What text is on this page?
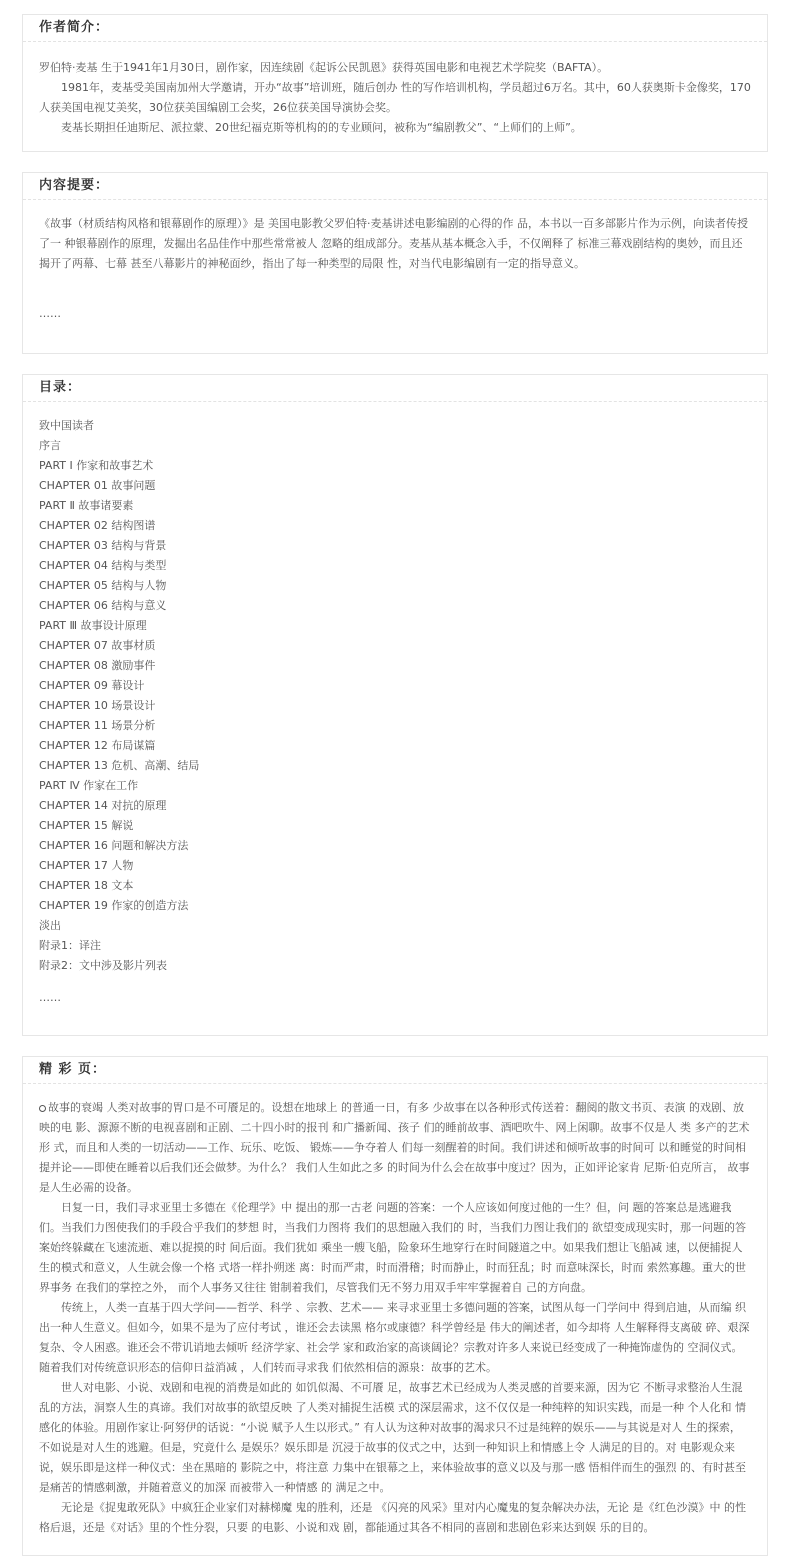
作者简介：

罗伯特·麦基 生于1941年1月30日，剧作家，因连续剧《起诉公民凯恩》获得英国电影和电视艺术学院奖（BAFTA）。

1981年，麦基受美国南加州大学邀请，开办“故事”培训班，随后创办 性的写作培训机构，学员超过6万名。其中，60人获奥斯卡金像奖，170人获美国电视艾美奖，30位获美国编剧工会奖，26位获美国导演协会奖。

麦基长期担任迪斯尼、派拉蒙、20世纪福克斯等机构的的专业顾问，被称为“编剧教父”、“上师们的上师”。

内容提要：

《故事（材质结构风格和银幕剧作的原理）》是 美国电影教父罗伯特·麦基讲述电影编剧的心得的作 品，本书以一百多部影片作为示例，向读者传授了一 种银幕剧作的原理，发掘出名品佳作中那些常常被人 忽略的组成部分。麦基从基本概念入手，不仅阐释了 标准三幕戏剧结构的奥妙，而且还揭开了两幕、七幕 甚至八幕影片的神秘面纱，指出了每一种类型的局限 性，对当代电影编剧有一定的指导意义。

……
目录：
致中国读者
序言
PART Ⅰ 作家和故事艺术
CHAPTER 01 故事问题
PART Ⅱ 故事诸要素
CHAPTER 02 结构图谱
CHAPTER 03 结构与背景
CHAPTER 04 结构与类型
CHAPTER 05 结构与人物
CHAPTER 06 结构与意义
PART Ⅲ 故事设计原理
CHAPTER 07 故事材质
CHAPTER 08 激励事件
CHAPTER 09 幕设计
CHAPTER 10 场景设计
CHAPTER 11 场景分析
CHAPTER 12 布局谋篇
CHAPTER 13 危机、高潮、结局
PART Ⅳ 作家在工作
CHAPTER 14 对抗的原理
CHAPTER 15 解说
CHAPTER 16 问题和解决方法
CHAPTER 17 人物
CHAPTER 18 文本
CHAPTER 19 作家的创造方法
淡出
附录1：译注
附录2：文中涉及影片列表
……
精 彩 页：

故事的衰竭 人类对故事的胃口是不可餍足的。设想在地球上 的普通一日，有多 少故事在以各种形式传送着：翻阅的散文书页、表演 的戏剧、放映的电 影、源源不断的电视喜剧和正剧、二十四小时的报刊 和广播新闻、孩子 们的睡前故事、酒吧吹牛、网上闲聊。故事不仅是人 类 多产的艺术形 式，而且和人类的一切活动——工作、玩乐、吃饭、 锻炼——争夺着人 们每一刻醒着的时间。我们讲述和倾听故事的时间可 以和睡觉的时间相 提并论——即使在睡着以后我们还会做梦。为什么？ 我们人生如此之多 的时间为什么会在故事中度过？因为，正如评论家肯 尼斯·伯克所言， 故事是人生必需的设备。

日复一日，我们寻求亚里士多德在《伦理学》中 提出的那一古老 问题的答案：一个人应该如何度过他的一生？但，问 题的答案总是逃避我们。当我们力图使我们的手段合乎我们的梦想 时，当我们力图将 我们的思想融入我们的 时，当我们力图让我们的 欲望变成现实时，那一问题的答案始终躲藏在飞速流逝、难以捉摸的时 间后面。我们犹如 乘坐一艘飞船，险象环生地穿行在时间隧道之中。如果我们想让飞船减 速，以便捕捉人生的模式和意义，人生就会像一个格 式塔一样扑朔迷 离：时而严肃，时而滑稽；时而静止，时而狂乱；时 而意味深长，时而 索然寡趣。重大的世界事务 在我们的掌控之外， 而个人事务又往往 钳制着我们，尽管我们无不努力用双手牢牢掌握着自 己的方向盘。

传统上，人类一直基于四大学问——哲学、科学 、宗教、艺术—— 来寻求亚里士多德问题的答案，试图从每一门学问中 得到启迪，从而编 织出一种人生意义。但如今，如果不是为了应付考试 ，谁还会去读黑 格尔或康德？科学曾经是 伟大的阐述者，如今却将 人生解释得支离破 碎、艰深复杂、令人困惑。谁还会不带讥诮地去倾听 经济学家、社会学 家和政治家的高谈阔论？宗教对许多人来说已经变成了一种掩饰虚伪的 空洞仪式。随着我们对传统意识形态的信仰日益消减 ，人们转而寻求我 们依然相信的源泉：故事的艺术。

世人对电影、小说、戏剧和电视的消费是如此的 如饥似渴、不可餍 足，故事艺术已经成为人类灵感的首要来源，因为它 不断寻求整治人生混 乱的方法，洞察人生的真谛。我们对故事的欲望反映 了人类对捕捉生活模 式的深层需求，这不仅仅是一种纯粹的知识实践，而是一种 个人化和 情感化的体验。用剧作家让·阿努伊的话说：“小说 赋予人生以形式。” 有人认为这种对故事的渴求只不过是纯粹的娱乐——与其说是对人 生的探索，不如说是对人生的逃避。但是，究竟什么 是娱乐？娱乐即是 沉浸于故事的仪式之中，达到一种知识上和情感上令 人满足的目的。对 电影观众来说，娱乐即是这样一种仪式：坐在黑暗的 影院之中，将注意 力集中在银幕之上，来体验故事的意义以及与那一感 悟相伴而生的强烈 的、有时甚至是痛苦的情感刺激，并随着意义的加深 而被带入一种情感 的 满足之中。

无论是《捉鬼敢死队》中疯狂企业家们对赫梯魔 鬼的胜利，还是 《闪亮的风采》里对内心魔鬼的复杂解决办法，无论 是《红色沙漠》中 的性格后退，还是《对话》里的个性分裂，只要 的电影、小说和戏 剧，都能通过其各不相同的喜剧和悲剧色彩来达到娱 乐的目的。
